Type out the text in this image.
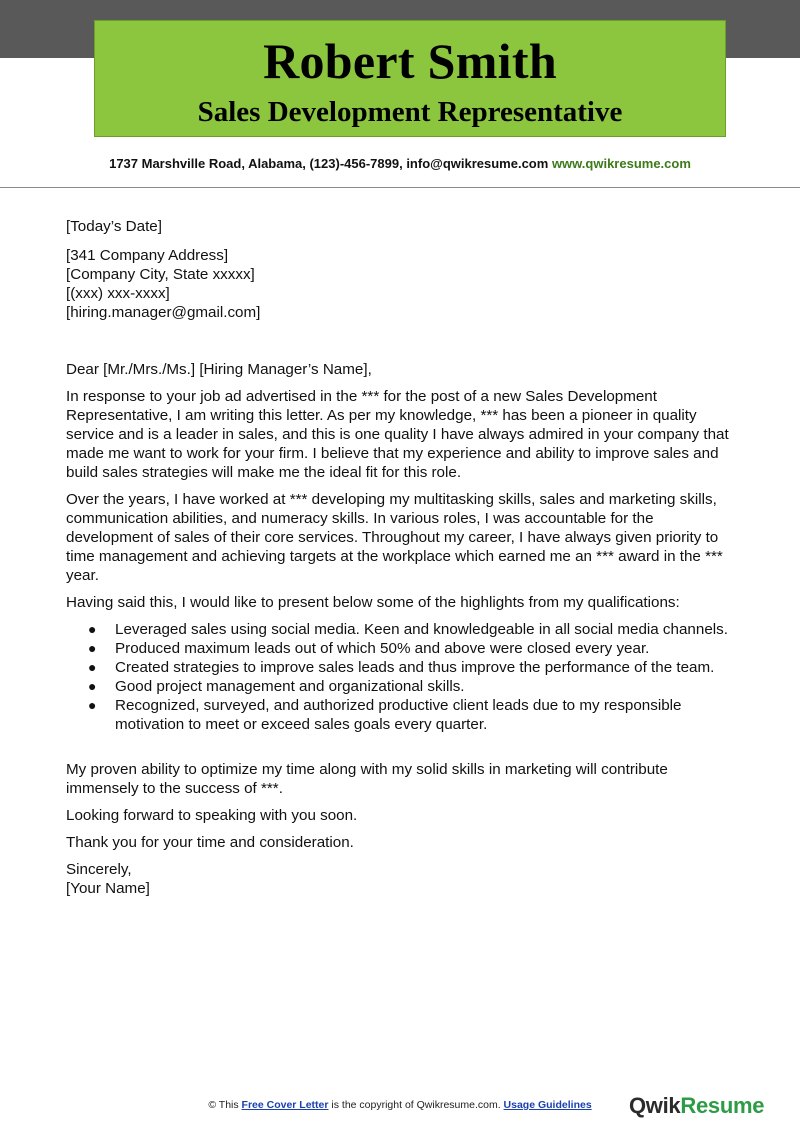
Robert Smith
Sales Development Representative
1737 Marshville Road, Alabama, (123)-456-7899, info@qwikresume.com www.qwikresume.com

[Today’s Date]

[341 Company Address]

[Company City, State xxxxx]

[(xxx) xxx-xxxx]

[hiring.manager@gmail.com]

Dear [Mr./Mrs./Ms.] [Hiring Manager’s Name],

In response to your job ad advertised in the *** for the post of a new Sales Development Representative, I am writing this letter. As per my knowledge, *** has been a pioneer in quality service and is a leader in sales, and this is one quality I have always admired in your company that made me want to work for your firm. I believe that my experience and ability to improve sales and build sales strategies will make me the ideal fit for this role.

Over the years, I have worked at *** developing my multitasking skills, sales and marketing skills, communication abilities, and numeracy skills. In various roles, I was accountable for the development of sales of their core services. Throughout my career, I have always given priority to time management and achieving targets at the workplace which earned me an *** award in the *** year.

Having said this, I would like to present below some of the highlights from my qualifications:

● Leveraged sales using social media. Keen and knowledgeable in all social media channels.
● Produced maximum leads out of which 50% and above were closed every year.
● Created strategies to improve sales leads and thus improve the performance of the team.
● Good project management and organizational skills.
● Recognized, surveyed, and authorized productive client leads due to my responsible motivation to meet or exceed sales goals every quarter.

My proven ability to optimize my time along with my solid skills in marketing will contribute immensely to the success of ***.

Looking forward to speaking with you soon.

Thank you for your time and consideration.

Sincerely,

[Your Name]

© This Free Cover Letter is the copyright of Qwikresume.com. Usage Guidelines	QwikResume
